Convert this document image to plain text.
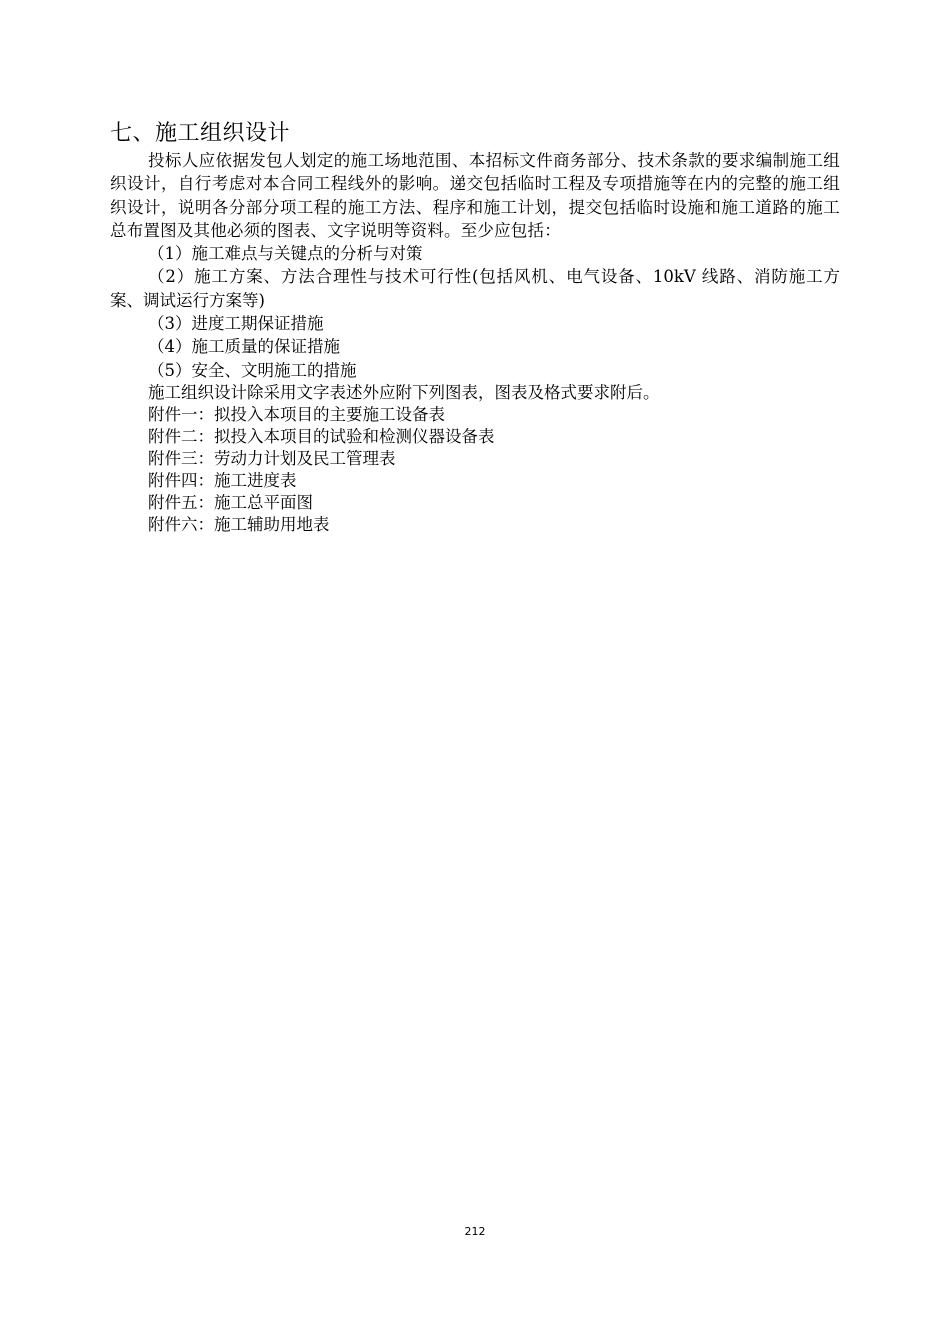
七、施工组织设计

投标人应依据发包人划定的施工场地范围、本招标文件商务部分、技术条款的要求编制施工组织设计，自行考虑对本合同工程线外的影响。递交包括临时工程及专项措施等在内的完整的施工组织设计，说明各分部分项工程的施工方法、程序和施工计划，提交包括临时设施和施工道路的施工总布置图及其他必须的图表、文字说明等资料。至少应包括：

（1）施工难点与关键点的分析与对策

（2）施工方案、方法合理性与技术可行性(包括风机、电气设备、10kV 线路、消防施工方案、调试运行方案等)

（3）进度工期保证措施

（4）施工质量的保证措施

（5）安全、文明施工的措施

施工组织设计除采用文字表述外应附下列图表，图表及格式要求附后。

附件一：拟投入本项目的主要施工设备表

附件二：拟投入本项目的试验和检测仪器设备表

附件三：劳动力计划及民工管理表

附件四：施工进度表

附件五：施工总平面图

附件六：施工辅助用地表

212
